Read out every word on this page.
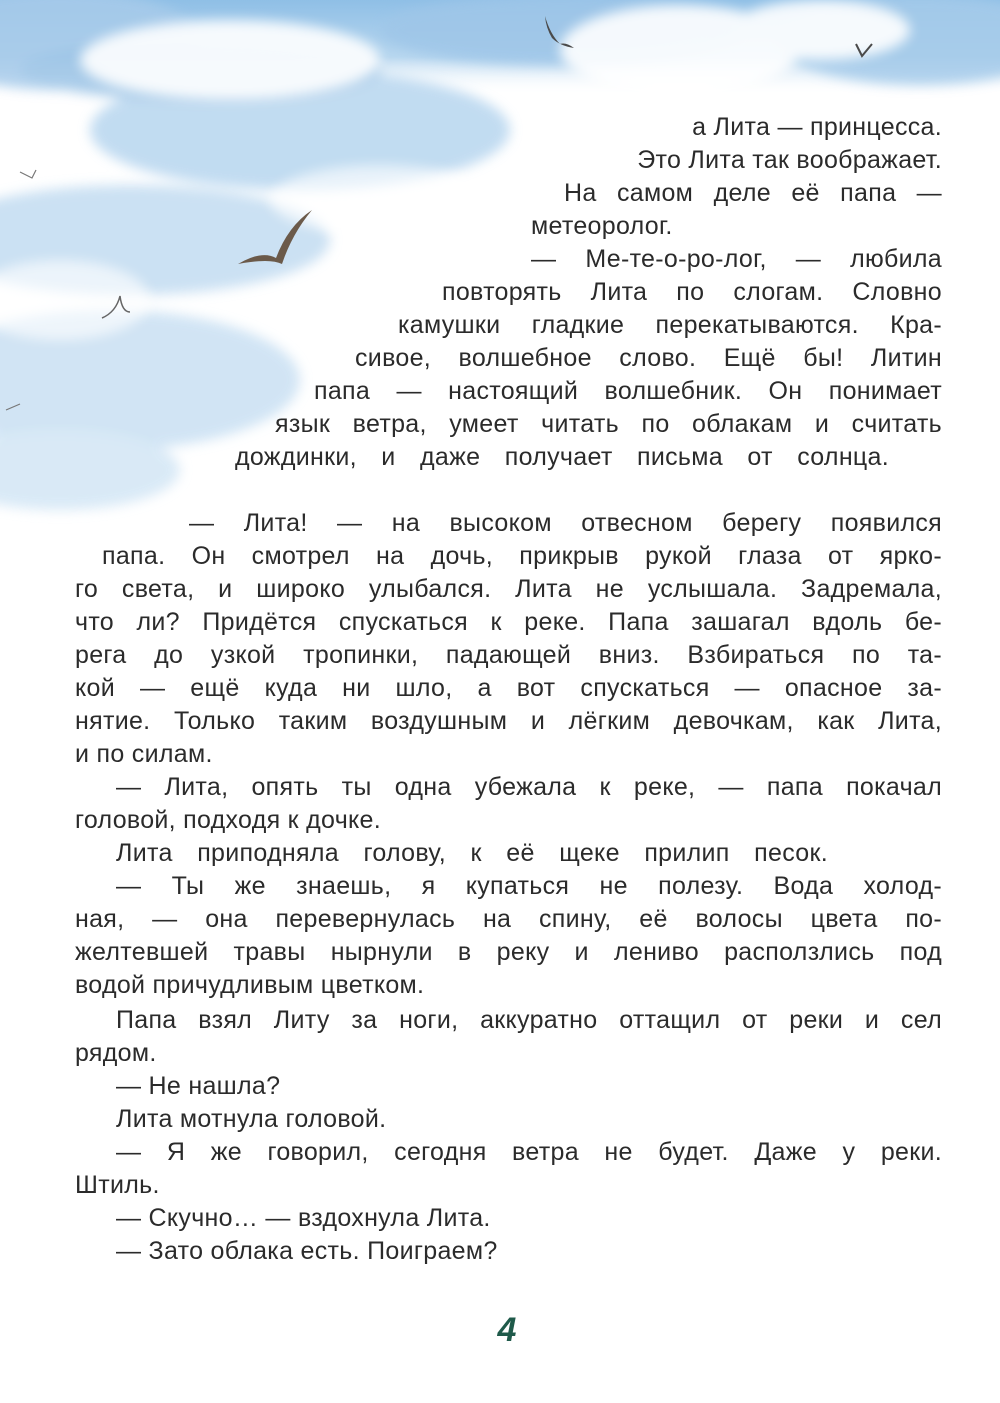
а Лита — принцесса.
Это Лита так воображает.
На самом деле её папа —
метеоролог.
— Ме-те-о-ро-лог, — любила
повторять Лита по слогам. Словно
камушки гладкие перекатываются. Кра-
сивое, волшебное слово. Ещё бы! Литин
папа — настоящий волшебник. Он понимает
язык ветра, умеет читать по облакам и считать
дождинки, и даже получает письма от солнца.
— Лита! — на высоком отвесном берегу появился
папа. Он смотрел на дочь, прикрыв рукой глаза от ярко-
го света, и широко улыбался. Лита не услышала. Задремала,
что ли? Придётся спускаться к реке. Папа зашагал вдоль бе-
рега до узкой тропинки, падающей вниз. Взбираться по та-
кой — ещё куда ни шло, а вот спускаться — опасное за-
нятие. Только таким воздушным и лёгким девочкам, как Лита,
и по силам.
— Лита, опять ты одна убежала к реке, — папа покачал
головой, подходя к дочке.
Лита приподняла голову, к её щеке прилип песок.
— Ты же знаешь, я купаться не полезу. Вода холод-
ная, — она перевернулась на спину, её волосы цвета по-
желтевшей травы нырнули в реку и лениво расползлись под
водой причудливым цветком.
Папа взял Литу за ноги, аккуратно оттащил от реки и сел
рядом.
— Не нашла?
Лита мотнула головой.
— Я же говорил, сегодня ветра не будет. Даже у реки.
Штиль.
— Скучно… — вздохнула Лита.
— Зато облака есть. Поиграем?
4
